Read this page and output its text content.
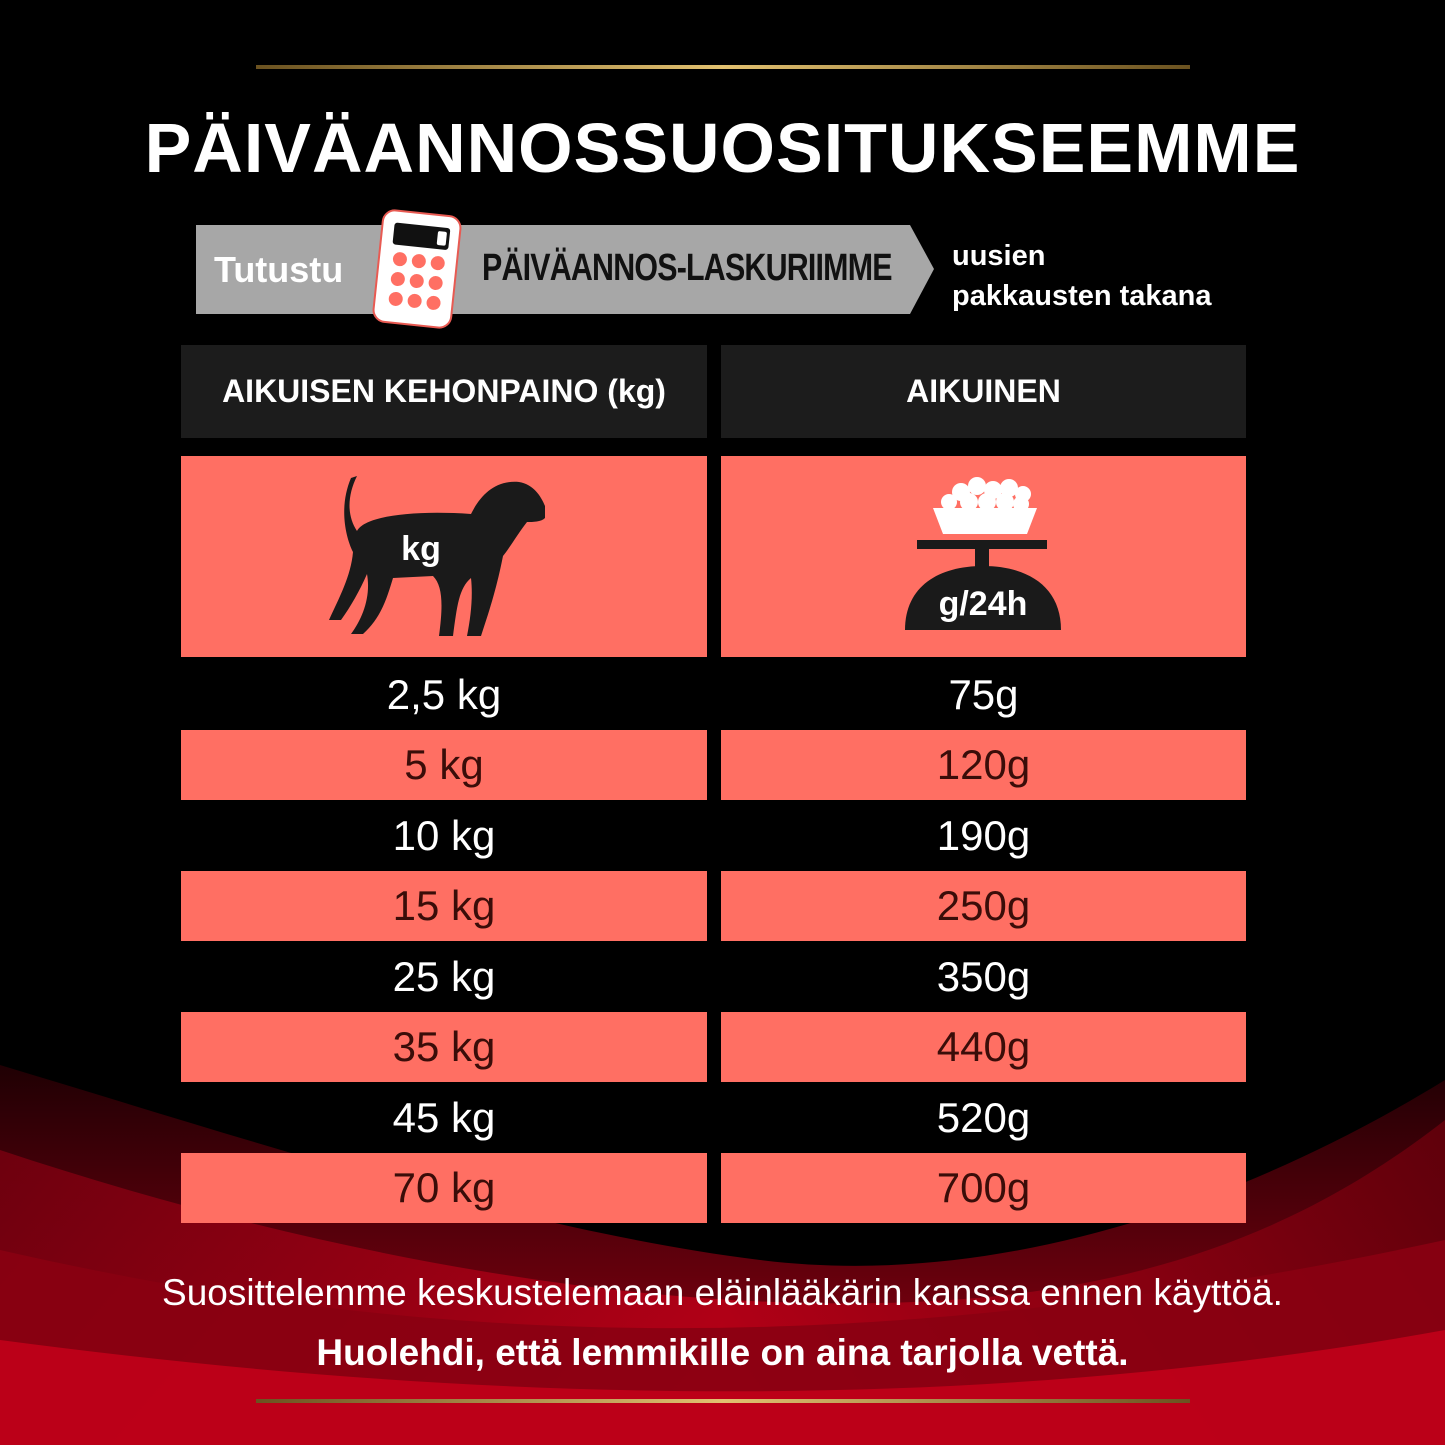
PÄIVÄANNOSSUOSITUKSEEMME
Tutustu	PÄIVÄANNOS-LASKURIIMME uusien
pakkausten takana
AIKUISEN KEHONPAINO (kg)	AIKUINEN
kg
g/24h
2,5 kg	75g
5 kg	120g
10 kg	190g
15 kg	250g
25 kg	350g
35 kg	440g
45 kg	520g
70 kg	700g
Suosittelemme keskustelemaan eläinlääkärin kanssa ennen käyttöä.
Huolehdi, että lemmikille on aina tarjolla vettä.
